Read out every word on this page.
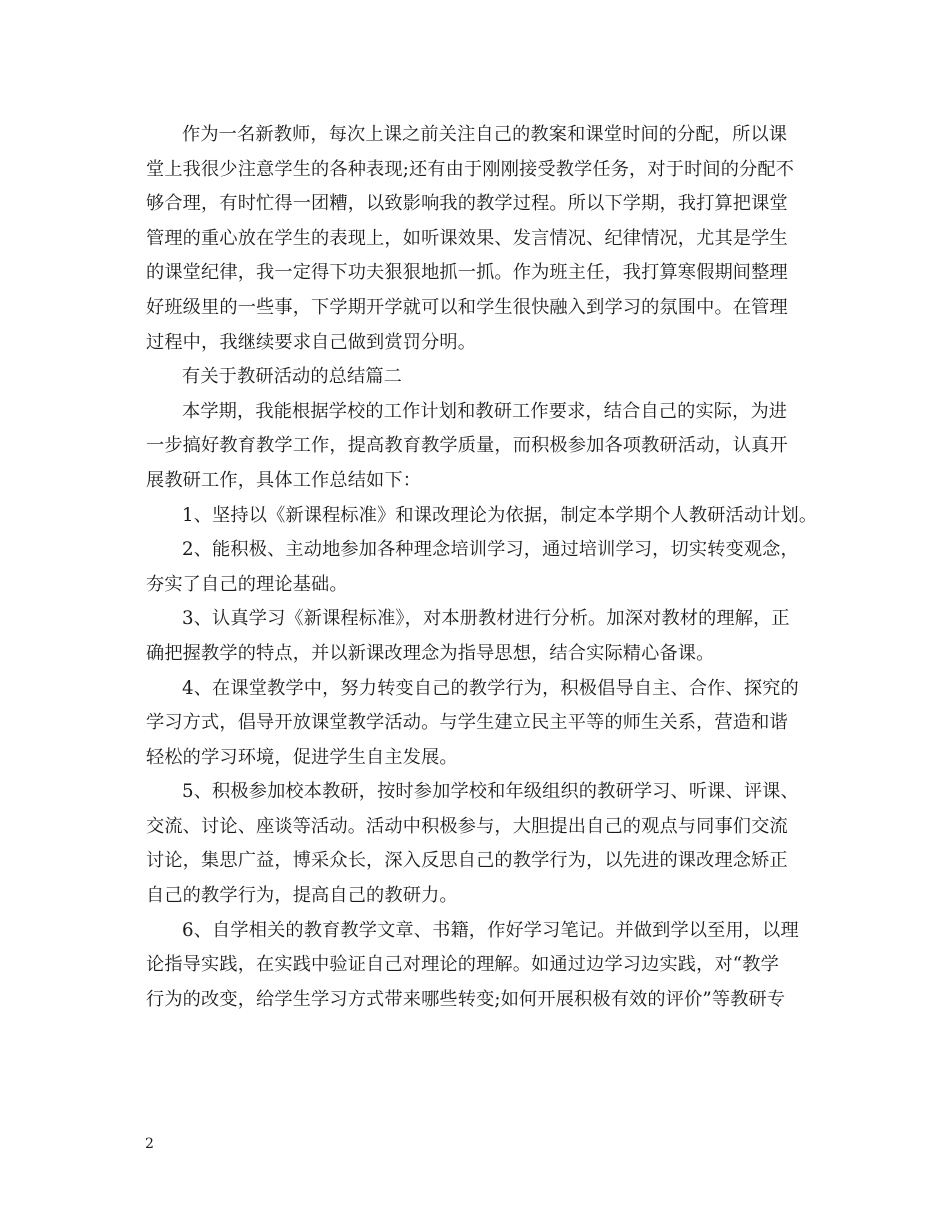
作为一名新教师，每次上课之前关注自己的教案和课堂时间的分配，所以课
堂上我很少注意学生的各种表现;还有由于刚刚接受教学任务，对于时间的分配不
够合理，有时忙得一团糟，以致影响我的教学过程。所以下学期，我打算把课堂
管理的重心放在学生的表现上，如听课效果、发言情况、纪律情况，尤其是学生
的课堂纪律，我一定得下功夫狠狠地抓一抓。作为班主任，我打算寒假期间整理
好班级里的一些事，下学期开学就可以和学生很快融入到学习的氛围中。在管理
过程中，我继续要求自己做到赏罚分明。
有关于教研活动的总结篇二
本学期，我能根据学校的工作计划和教研工作要求，结合自己的实际，为进
一步搞好教育教学工作，提高教育教学质量，而积极参加各项教研活动，认真开
展教研工作，具体工作总结如下：
1、坚持以《新课程标准》和课改理论为依据，制定本学期个人教研活动计划。
2、能积极、主动地参加各种理念培训学习，通过培训学习，切实转变观念，
夯实了自己的理论基础。
3、认真学习《新课程标准》，对本册教材进行分析。加深对教材的理解，正
确把握教学的特点，并以新课改理念为指导思想，结合实际精心备课。
4、在课堂教学中，努力转变自己的教学行为，积极倡导自主、合作、探究的
学习方式，倡导开放课堂教学活动。与学生建立民主平等的师生关系，营造和谐
轻松的学习环境，促进学生自主发展。
5、积极参加校本教研，按时参加学校和年级组织的教研学习、听课、评课、
交流、讨论、座谈等活动。活动中积极参与，大胆提出自己的观点与同事们交流
讨论，集思广益，博采众长，深入反思自己的教学行为，以先进的课改理念矫正
自己的教学行为，提高自己的教研力。
6、自学相关的教育教学文章、书籍，作好学习笔记。并做到学以至用，以理
论指导实践，在实践中验证自己对理论的理解。如通过边学习边实践，对“教学
行为的改变，给学生学习方式带来哪些转变;如何开展积极有效的评价”等教研专
2
